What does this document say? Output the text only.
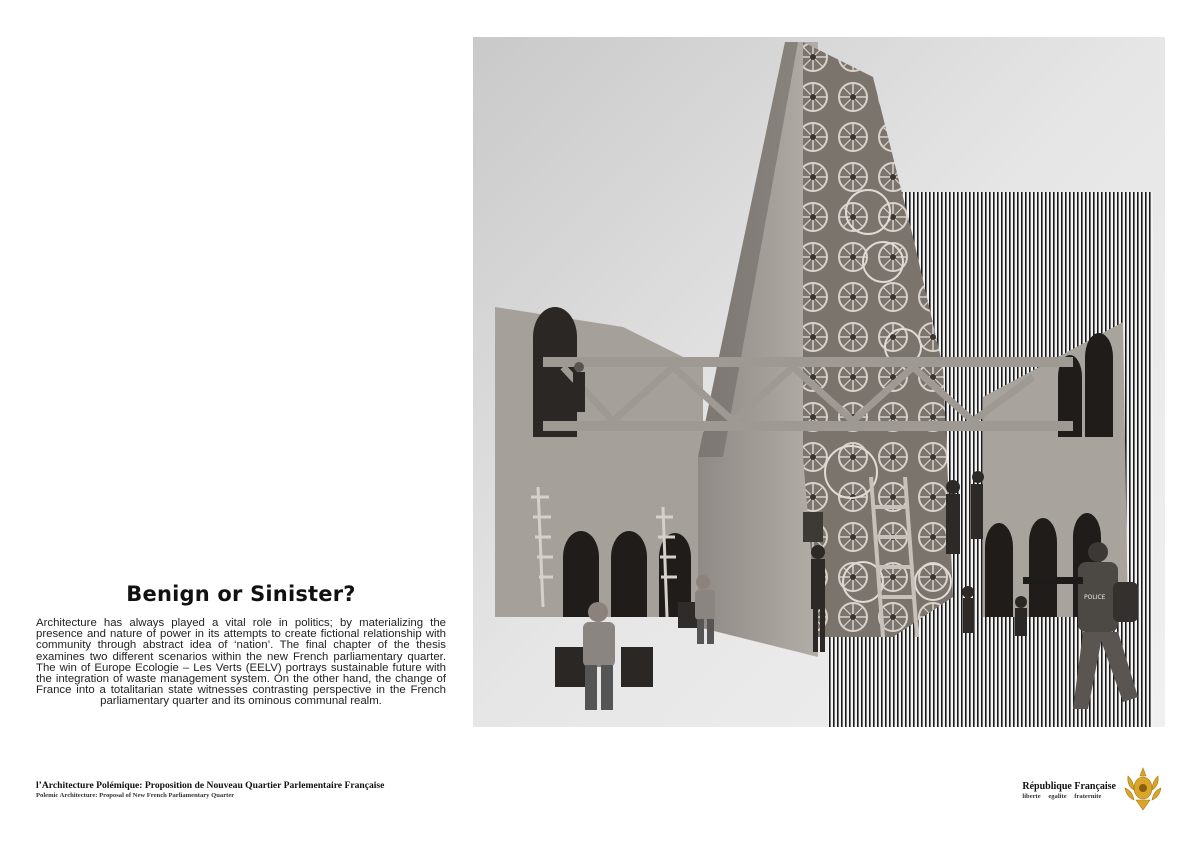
POLICE
Benign or Sinister?
Architecture has always played a vital role in politics; by materializing the presence and nature of power in its attempts to create fictional relationship with community through abstract idea of ‘nation’. The final chapter of the thesis examines two different scenarios within the new French parliamentary quarter. The win of Europe Ecologie – Les Verts (EELV) portrays sustainable future with the integration of waste management system. On the other hand, the change of France into a totalitarian state witnesses contrasting perspective in the French parliamentary quarter and its ominous communal realm.
l’Architecture Polémique: Proposition de Nouveau Quartier Parlementaire Française
Polemic Architecture: Proposal of New French Parliamentary Quarter
République Française
liberte egalite fraternite
